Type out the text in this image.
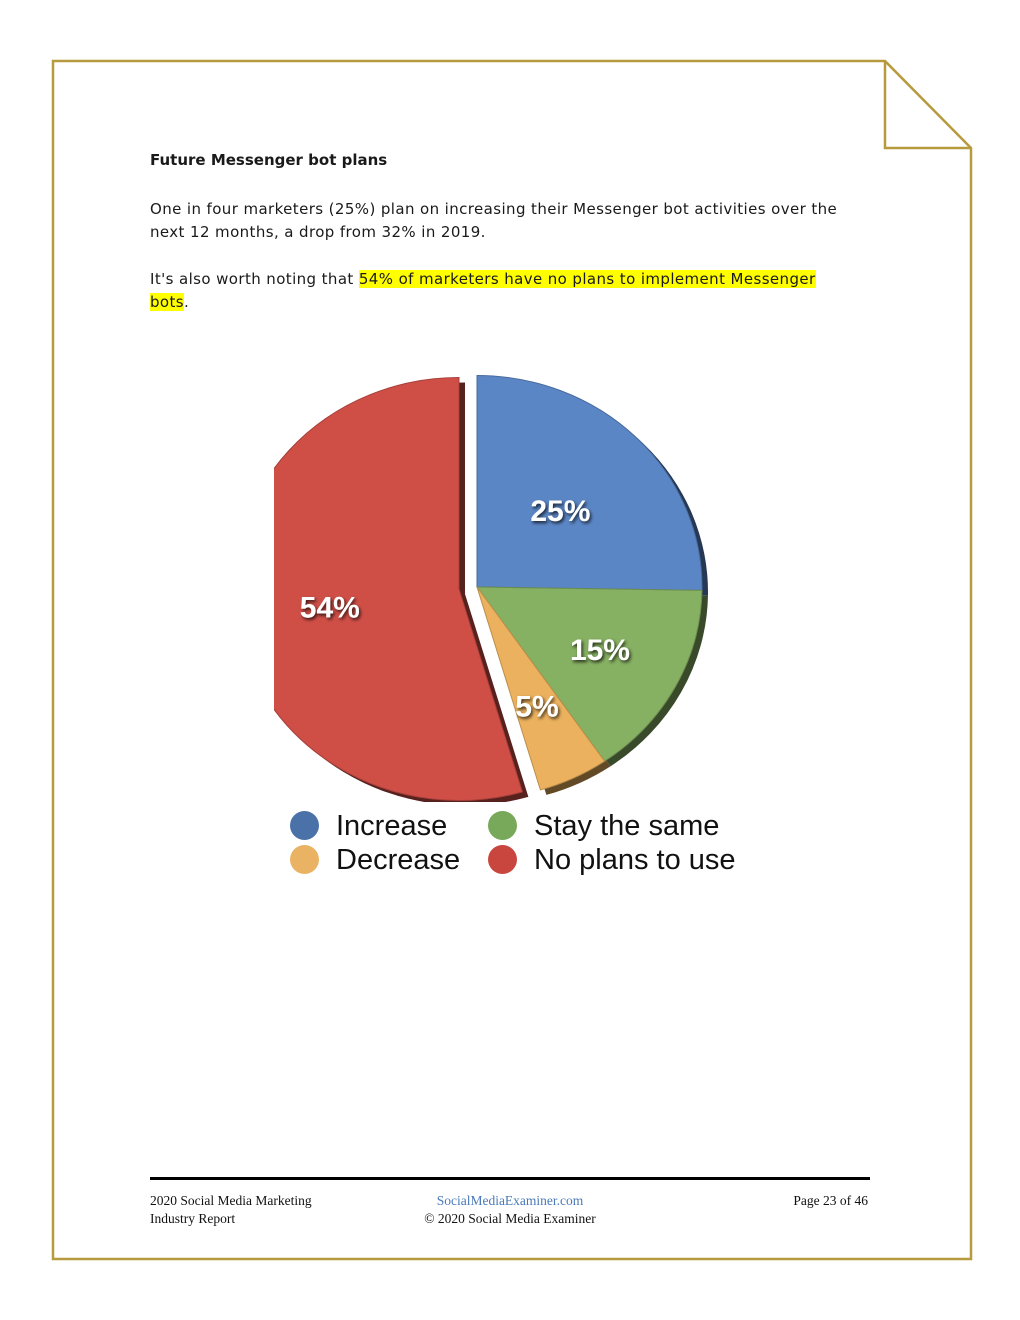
Future Messenger bot plans
One in four marketers (25%) plan on increasing their Messenger bot activities over the next 12 months, a drop from 32% in 2019.
It's also worth noting that 54% of marketers have no plans to implement Messenger
bots.
25%
15%
5%
54%
Increase	Stay the same
Decrease	No plans to use
2020 Social Media Marketing
Industry Report
SocialMediaExaminer.com
© 2020 Social Media Examiner
Page 23 of 46
